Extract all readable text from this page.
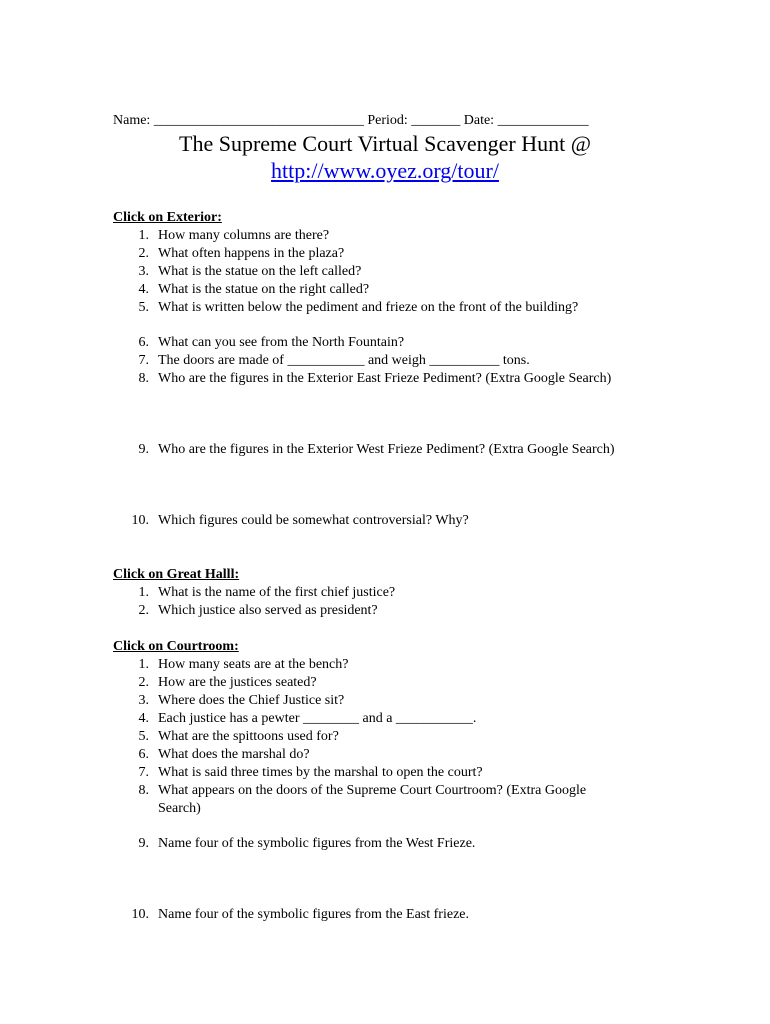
Name: ______________________________ Period: _______ Date: _____________
The Supreme Court Virtual Scavenger Hunt @
http://www.oyez.org/tour/
Click on Exterior:
1. How many columns are there?
2. What often happens in the plaza?
3. What is the statue on the left called?
4. What is the statue on the right called?
5. What is written below the pediment and frieze on the front of the building?
6. What can you see from the North Fountain?
7. The doors are made of ___________ and weigh __________ tons.
8. Who are the figures in the Exterior East Frieze Pediment? (Extra Google Search)
9. Who are the figures in the Exterior West Frieze Pediment? (Extra Google Search)
10. Which figures could be somewhat controversial? Why?
Click on Great Halll:
1. What is the name of the first chief justice?
2. Which justice also served as president?
Click on Courtroom:
1. How many seats are at the bench?
2. How are the justices seated?
3. Where does the Chief Justice sit?
4. Each justice has a pewter ________ and a ___________.
5. What are the spittoons used for?
6. What does the marshal do?
7. What is said three times by the marshal to open the court?
8. What appears on the doors of the Supreme Court Courtroom? (Extra Google
Search)
9. Name four of the symbolic figures from the West Frieze.
10. Name four of the symbolic figures from the East frieze.
